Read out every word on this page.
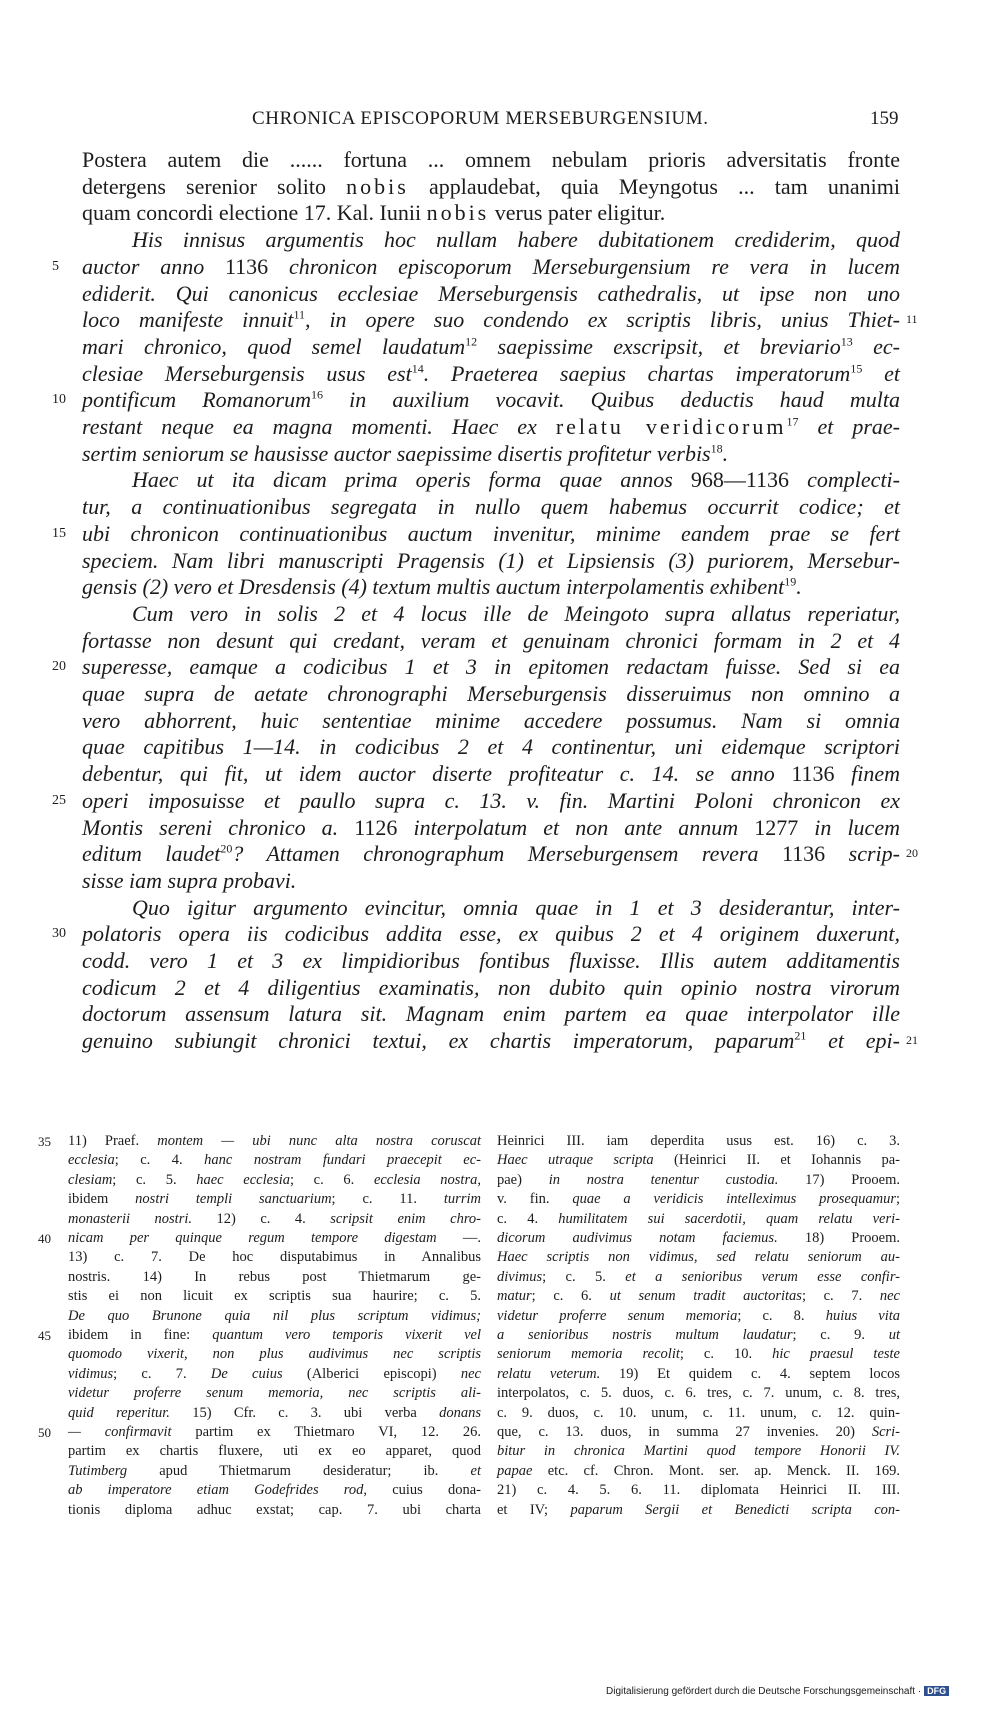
CHRONICA EPISCOPORUM MERSEBURGENSIUM.	159
Postera autem die ...... fortuna ... omnem nebulam prioris adversitatis fronte
detergens serenior solito nobis applaudebat, quia Meyngotus ... tam unanimi
quam concordi electione 17. Kal. Iunii nobis verus pater eligitur.
His innisus argumentis hoc nullam habere dubitationem crediderim, quod
auctor anno 1136 chronicon episcoporum Merseburgensium re vera in lucem
ediderit. Qui canonicus ecclesiae Merseburgensis cathedralis, ut ipse non uno
loco manifeste innuit$^{11}$, in opere suo condendo ex scriptis libris, unius Thiet-
mari chronico, quod semel laudatum$^{12}$ saepissime exscripsit, et breviario$^{13}$ ec-
clesiae Merseburgensis usus est$^{14}$. Praeterea saepius chartas imperatorum$^{15}$ et
pontificum Romanorum$^{16}$ in auxilium vocavit. Quibus deductis haud multa
restant neque ea magna momenti. Haec ex relatu veridicorum$^{17}$ et prae-
sertim seniorum se hausisse auctor saepissime disertis profitetur verbis$^{18}$.
Haec ut ita dicam prima operis forma quae annos 968—1136 complecti-
tur, a continuationibus segregata in nullo quem habemus occurrit codice; et
ubi chronicon continuationibus auctum invenitur, minime eandem prae se fert
speciem. Nam libri manuscripti Pragensis (1) et Lipsiensis (3) puriorem, Mersebur-
gensis (2) vero et Dresdensis (4) textum multis auctum interpolamentis exhibent$^{19}$.
Cum vero in solis 2 et 4 locus ille de Meingoto supra allatus reperiatur,
fortasse non desunt qui credant, veram et genuinam chronici formam in 2 et 4
superesse, eamque a codicibus 1 et 3 in epitomen redactam fuisse. Sed si ea
quae supra de aetate chronographi Merseburgensis disseruimus non omnino a
vero abhorrent, huic sententiae minime accedere possumus. Nam si omnia
quae capitibus 1—14. in codicibus 2 et 4 continentur, uni eidemque scriptori
debentur, qui fit, ut idem auctor diserte profiteatur c. 14. se anno 1136 finem
operi imposuisse et paullo supra c. 13. v. fin. Martini Poloni chronicon ex
Montis sereni chronico a. 1126 interpolatum et non ante annum 1277 in lucem
editum laudet$^{20}$? Attamen chronographum Merseburgensem revera 1136 scrip-
sisse iam supra probavi.
Quo igitur argumento evincitur, omnia quae in 1 et 3 desiderantur, inter-
polatoris opera iis codicibus addita esse, ex quibus 2 et 4 originem duxerunt,
codd. vero 1 et 3 ex limpidioribus fontibus fluxisse. Illis autem additamentis
codicum 2 et 4 diligentius examinatis, non dubito quin opinio nostra virorum
doctorum assensum latura sit. Magnam enim partem ea quae interpolator ille
genuino subiungit chronici textui, ex chartis imperatorum, paparum$^{21}$ et epi-
5
10
15
20
25
30
11
20
21
11) Praef. montem — ubi nunc alta nostra coruscat
ecclesia; c. 4. hanc nostram fundari praecepit ec-
clesiam; c. 5. haec ecclesia; c. 6. ecclesia nostra,
ibidem nostri templi sanctuarium; c. 11. turrim
monasterii nostri. 12) c. 4. scripsit enim chro-
nicam per quinque regum tempore digestam —.
13) c. 7. De hoc disputabimus in Annalibus
nostris. 14) In rebus post Thietmarum ge-
stis ei non licuit ex scriptis sua haurire; c. 5.
De quo Brunone quia nil plus scriptum vidimus;
ibidem in fine: quantum vero temporis vixerit vel
quomodo vixerit, non plus audivimus nec scriptis
vidimus; c. 7. De cuius (Alberici episcopi) nec
videtur proferre senum memoria, nec scriptis ali-
quid reperitur. 15) Cfr. c. 3. ubi verba donans
— confirmavit partim ex Thietmaro VI, 12. 26.
partim ex chartis fluxere, uti ex eo apparet, quod
Tutimberg apud Thietmarum desideratur; ib. et
ab imperatore etiam Godefrides rod, cuius dona-
tionis diploma adhuc exstat; cap. 7. ubi charta
Heinrici III. iam deperdita usus est. 16) c. 3.
Haec utraque scripta (Heinrici II. et Iohannis pa-
pae) in nostra tenentur custodia. 17) Prooem.
v. fin. quae a veridicis intelleximus prosequamur;
c. 4. humilitatem sui sacerdotii, quam relatu veri-
dicorum audivimus notam faciemus. 18) Prooem.
Haec scriptis non vidimus, sed relatu seniorum au-
divimus; c. 5. et a senioribus verum esse confir-
matur; c. 6. ut senum tradit auctoritas; c. 7. nec
videtur proferre senum memoria; c. 8. huius vita
a senioribus nostris multum laudatur; c. 9. ut
seniorum memoria recolit; c. 10. hic praesul teste
relatu veterum. 19) Et quidem c. 4. septem locos
interpolatos, c. 5. duos, c. 6. tres, c. 7. unum, c. 8. tres,
c. 9. duos, c. 10. unum, c. 11. unum, c. 12. quin-
que, c. 13. duos, in summa 27 invenies. 20) Scri-
bitur in chronica Martini quod tempore Honorii IV.
papae etc. cf. Chron. Mont. ser. ap. Menck. II. 169.
21) c. 4. 5. 6. 11. diplomata Heinrici II. III.
et IV; paparum Sergii et Benedicti scripta con-
35
40
45
50
Digitalisierung gefördert durch die Deutsche Forschungsgemeinschaft · DFG
